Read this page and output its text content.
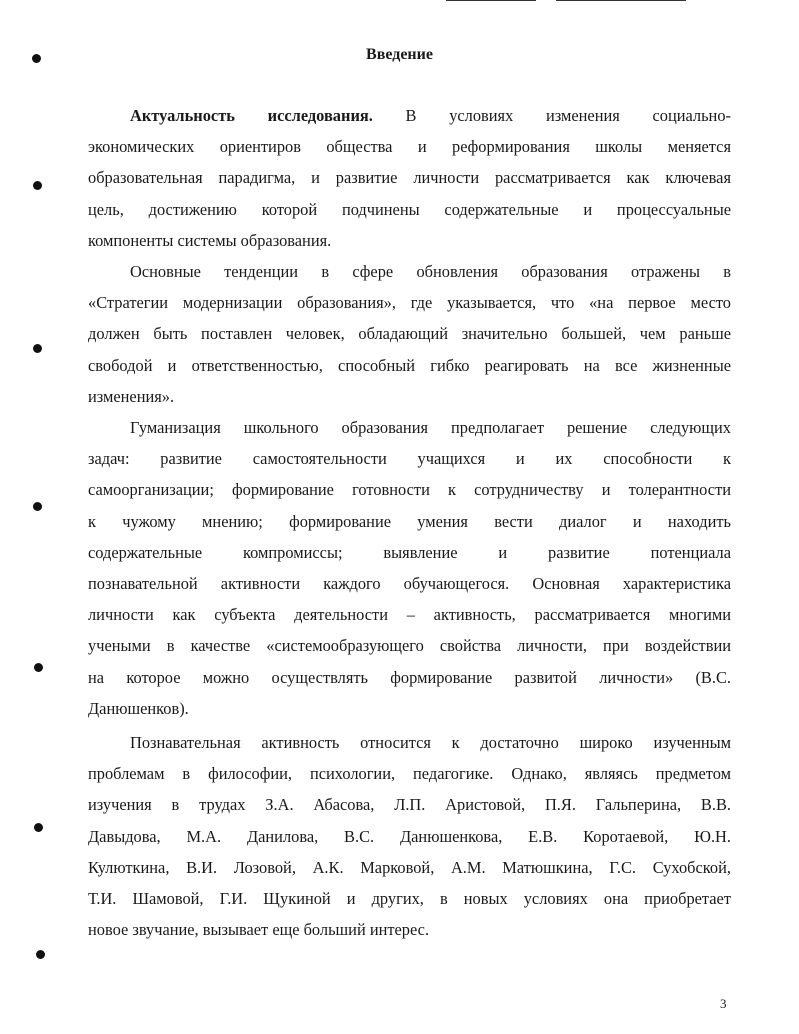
Введение
Актуальность исследования. В условиях изменения социально-
экономических ориентиров общества и реформирования школы меняется
образовательная парадигма, и развитие личности рассматривается как ключевая
цель, достижению которой подчинены содержательные и процессуальные
компоненты системы образования.
Основные тенденции в сфере обновления образования отражены в
«Стратегии модернизации образования», где указывается, что «на первое место
должен быть поставлен человек, обладающий значительно большей, чем раньше
свободой и ответственностью, способный гибко реагировать на все жизненные
изменения».
Гуманизация школьного образования предполагает решение следующих
задач: развитие самостоятельности учащихся и их способности к
самоорганизации; формирование готовности к сотрудничеству и толерантности
к чужому мнению; формирование умения вести диалог и находить
содержательные компромиссы; выявление и развитие потенциала
познавательной активности каждого обучающегося. Основная характеристика
личности как субъекта деятельности – активность, рассматривается многими
учеными в качестве «системообразующего свойства личности, при воздействии
на которое можно осуществлять формирование развитой личности» (В.С.
Данюшенков).
Познавательная активность относится к достаточно широко изученным
проблемам в философии, психологии, педагогике. Однако, являясь предметом
изучения в трудах З.А. Абасова, Л.П. Аристовой, П.Я. Гальперина, В.В.
Давыдова, М.А. Данилова, В.С. Данюшенкова, Е.В. Коротаевой, Ю.Н.
Кулюткина, В.И. Лозовой, А.К. Марковой, А.М. Матюшкина, Г.С. Сухобской,
Т.И. Шамовой, Г.И. Щукиной и других, в новых условиях она приобретает
новое звучание, вызывает еще больший интерес.
3
